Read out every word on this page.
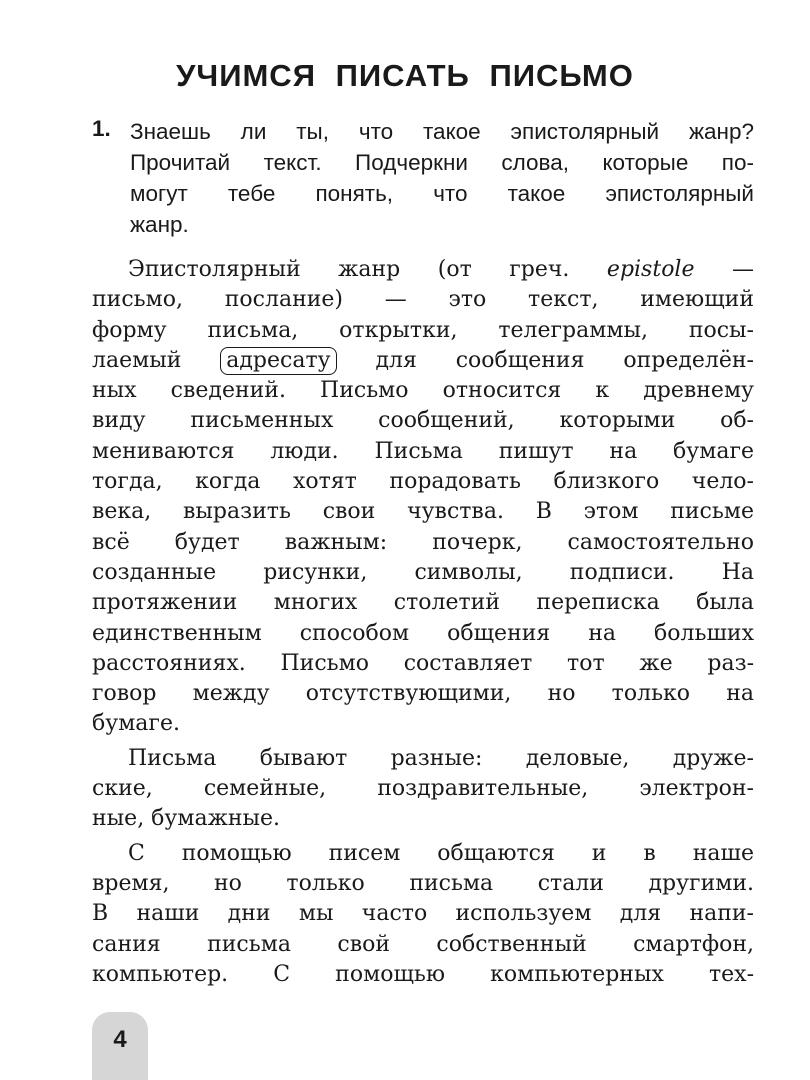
УЧИМСЯ ПИСАТЬ ПИСЬМО
1. Знаешь ли ты, что такое эпистолярный жанр?
Прочитай текст. Подчеркни слова, которые по-
могут тебе понять, что такое эпистолярный
жанр.
Эпистолярный жанр (от греч. epistole —
письмо, послание) — это текст, имеющий
форму письма, открытки, телеграммы, посы-
лаемый адресату для сообщения определён-
ных сведений. Письмо относится к древнему
виду письменных сообщений, которыми об-
мениваются люди. Письма пишут на бумаге
тогда, когда хотят порадовать близкого чело-
века, выразить свои чувства. В этом письме
всё будет важным: почерк, самостоятельно
созданные рисунки, символы, подписи. На
протяжении многих столетий переписка была
единственным способом общения на больших
расстояниях. Письмо составляет тот же раз-
говор между отсутствующими, но только на
бумаге.
Письма бывают разные: деловые, друже-
ские, семейные, поздравительные, электрон-
ные, бумажные.
С помощью писем общаются и в наше
время, но только письма стали другими.
В наши дни мы часто используем для напи-
сания письма свой собственный смартфон,
компьютер. С помощью компьютерных тех-
4
